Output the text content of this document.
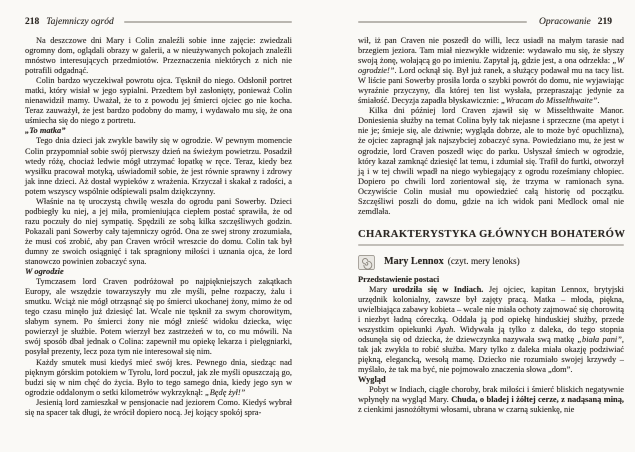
218 Tajemniczy ogród	Opracowanie 219

Na deszczowe dni Mary i Colin znaleźli sobie inne zajęcie: zwiedzali ogromny dom, oglądali obrazy w galerii, a w nieużywanych pokojach znaleźli mnóstwo interesujących przedmiotów. Przeznaczenia niektórych z nich nie potrafili odgadnąć.

Colin bardzo wyczekiwał powrotu ojca. Tęsknił do niego. Odsłonił portret matki, który wisiał w jego sypialni. Przedtem był zasłonięty, ponieważ Colin nienawidził mamy. Uważał, że to z powodu jej śmierci ojciec go nie kocha. Teraz zauważył, że jest bardzo podobny do mamy, i wydawało mu się, że ona uśmiecha się do niego z portretu.

„To matka”

Tego dnia dzieci jak zwykle bawiły się w ogrodzie. W pewnym momencie Colin przypomniał sobie swój pierwszy dzień na świeżym powietrzu. Posadził wtedy różę, chociaż ledwie mógł utrzymać łopatkę w ręce. Teraz, kiedy bez wysiłku pracował motyką, uświadomił sobie, że jest równie sprawny i zdrowy jak inne dzieci. Aż dostał wypieków z wrażenia. Krzyczał i skakał z radości, a potem wszyscy wspólnie odśpiewali psalm dziękczynny.

Właśnie na tę uroczystą chwilę weszła do ogrodu pani Sowerby. Dzieci podbiegły ku niej, a jej miła, promieniująca ciepłem postać sprawiła, że od razu poczuły do niej sympatię. Spędzili ze sobą kilka szczęśliwych godzin. Pokazali pani Sowerby cały tajemniczy ogród. Ona ze swej strony zrozumiała, że musi coś zrobić, aby pan Craven wrócił wreszcie do domu. Colin tak był dumny ze swoich osiągnięć i tak spragniony miłości i uznania ojca, że lord stanowczo powinien zobaczyć syna.

W ogrodzie

Tymczasem lord Craven podróżował po najpiękniejszych zakątkach Europy, ale wszędzie towarzyszyły mu złe myśli, pełne rozpaczy, żalu i smutku. Wciąż nie mógł otrząsnąć się po śmierci ukochanej żony, mimo że od tego czasu minęło już dziesięć lat. Wcale nie tęsknił za swym chorowitym, słabym synem. Po śmierci żony nie mógł znieść widoku dziecka, więc powierzył je służbie. Potem wierzył bez zastrzeżeń w to, co mu mówili. Na swój sposób dbał jednak o Colina: zapewnił mu opiekę lekarza i pielęgniarki, posyłał prezenty, lecz poza tym nie interesował się nim.

Każdy smutek musi kiedyś mieć swój kres. Pewnego dnia, siedząc nad pięknym górskim potokiem w Tyrolu, lord poczuł, jak złe myśli opuszczają go, budzi się w nim chęć do życia. Było to tego samego dnia, kiedy jego syn w ogrodzie oddalonym o setki kilometrów wykrzyknął: „Będę żył!”

Jesienią lord zamieszkał w pensjonacie nad jeziorem Como. Kiedyś wybrał się na spacer tak długi, że wrócił dopiero nocą. Jej kojący spokój spra-

wił, iż pan Craven nie poszedł do willi, lecz usiadł na małym tarasie nad brzegiem jeziora. Tam miał niezwykłe widzenie: wydawało mu się, że słyszy swoją żonę, wołającą go po imieniu. Zapytał ją, gdzie jest, a ona odrzekła: „W ogrodzie!”. Lord ocknął się. Był już ranek, a służący podawał mu na tacy list. W liście pani Sowerby prosiła lorda o szybki powrót do domu, nie wyjawiając wyraźnie przyczyny, dla której ten list wysłała, przepraszając jedynie za śmiałość. Decyzja zapadła błyskawicznie: „Wracam do Misselthwaite”.

Kilka dni później lord Craven zjawił się w Misselthwaite Manor. Doniesienia służby na temat Colina były tak niejasne i sprzeczne (ma apetyt i nie je; śmieje się, ale dziwnie; wygląda dobrze, ale to może być opuchlizna), że ojciec zapragnął jak najszybciej zobaczyć syna. Powiedziano mu, że jest w ogrodzie, lord Craven poszedł więc do parku. Usłyszał śmiech w ogrodzie, który kazał zamknąć dziesięć lat temu, i zdumiał się. Trafił do furtki, otworzył ją i w tej chwili wpadł na niego wybiegający z ogrodu roześmiany chłopiec. Dopiero po chwili lord zorientował się, że trzyma w ramionach syna. Oczywiście Colin musiał mu opowiedzieć całą historię od początku. Szczęśliwi poszli do domu, gdzie na ich widok pani Medlock omal nie zemdlała.

CHARAKTERYSTYKA GŁÓWNYCH BOHATERÓW
Mary Lennox (czyt. mery lenoks)

Przedstawienie postaci

Mary urodziła się w Indiach. Jej ojciec, kapitan Lennox, brytyjski urzędnik kolonialny, zawsze był zajęty pracą. Matka – młoda, piękna, uwielbiająca zabawy kobieta – wcale nie miała ochoty zajmować się chorowitą i niezbyt ładną córeczką. Oddała ją pod opiekę hinduskiej służby, przede wszystkim opiekunki Ayah. Widywała ją tylko z daleka, do tego stopnia odsunęła się od dziecka, że dziewczynka nazywała swą matkę „biała pani”, tak jak zwykła to robić służba. Mary tylko z daleka miała okazję podziwiać piękną, elegancką, wesołą mamę. Dziecko nie rozumiało swojej krzywdy – myślało, że tak ma być, nie pojmowało znaczenia słowa „dom”.

Wygląd

Pobyt w Indiach, ciągłe choroby, brak miłości i śmierć bliskich negatywnie wpłynęły na wygląd Mary. Chuda, o bladej i żółtej cerze, z nadąsaną miną, z cienkimi jasnożółtymi włosami, ubrana w czarną sukienkę, nie
